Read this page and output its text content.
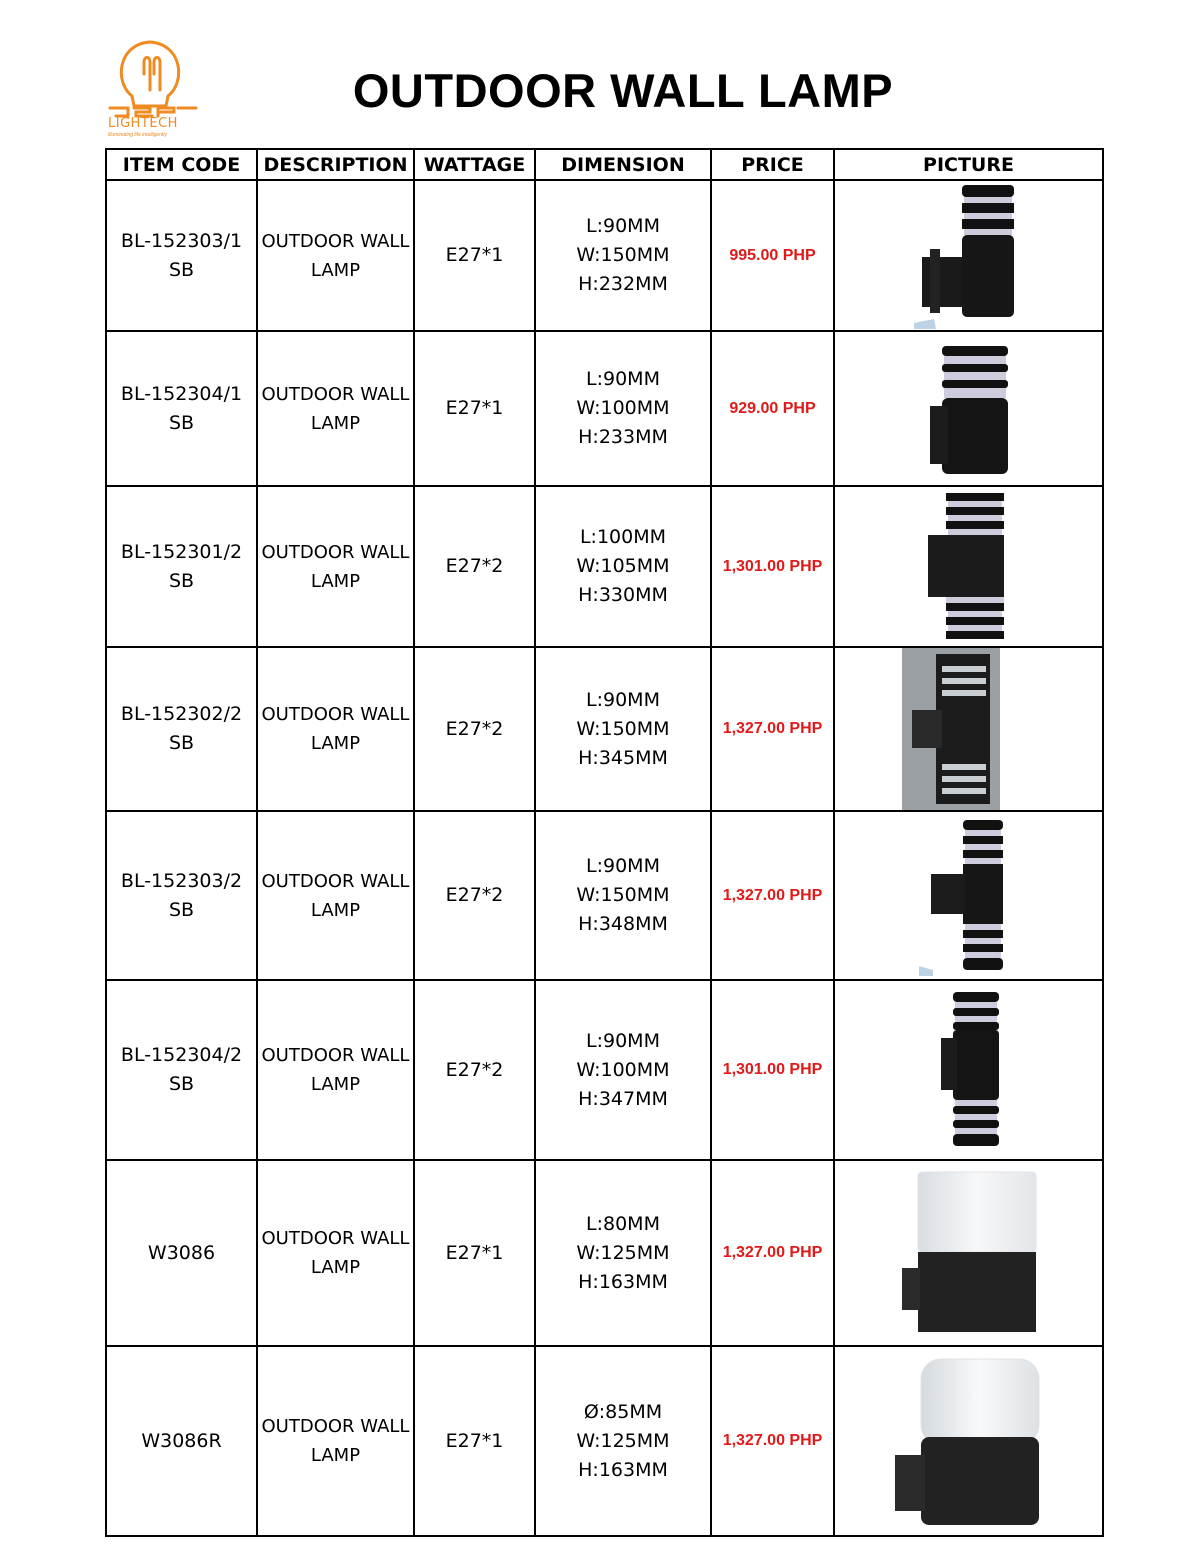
LIGHTECH
illuminating life intelligently
OUTDOOR WALL LAMP
ITEM CODE	DESCRIPTION	WATTAGE	DIMENSION	PRICE	PICTURE

BL-152303/1
SB	OUTDOOR WALL
LAMP	E27*1	L:90MM
W:150MM
H:232MM	995.00 PHP	

BL-152304/1
SB	OUTDOOR WALL
LAMP	E27*1	L:90MM
W:100MM
H:233MM	929.00 PHP	

BL-152301/2
SB	OUTDOOR WALL
LAMP	E27*2	L:100MM
W:105MM
H:330MM	1,301.00 PHP	

BL-152302/2
SB	OUTDOOR WALL
LAMP	E27*2	L:90MM
W:150MM
H:345MM	1,327.00 PHP	

BL-152303/2
SB	OUTDOOR WALL
LAMP	E27*2	L:90MM
W:150MM
H:348MM	1,327.00 PHP	

BL-152304/2
SB	OUTDOOR WALL
LAMP	E27*2	L:90MM
W:100MM
H:347MM	1,301.00 PHP	

W3086	OUTDOOR WALL
LAMP	E27*1	L:80MM
W:125MM
H:163MM	1,327.00 PHP	

W3086R	OUTDOOR WALL
LAMP	E27*1	Ø:85MM
W:125MM
H:163MM	1,327.00 PHP	
